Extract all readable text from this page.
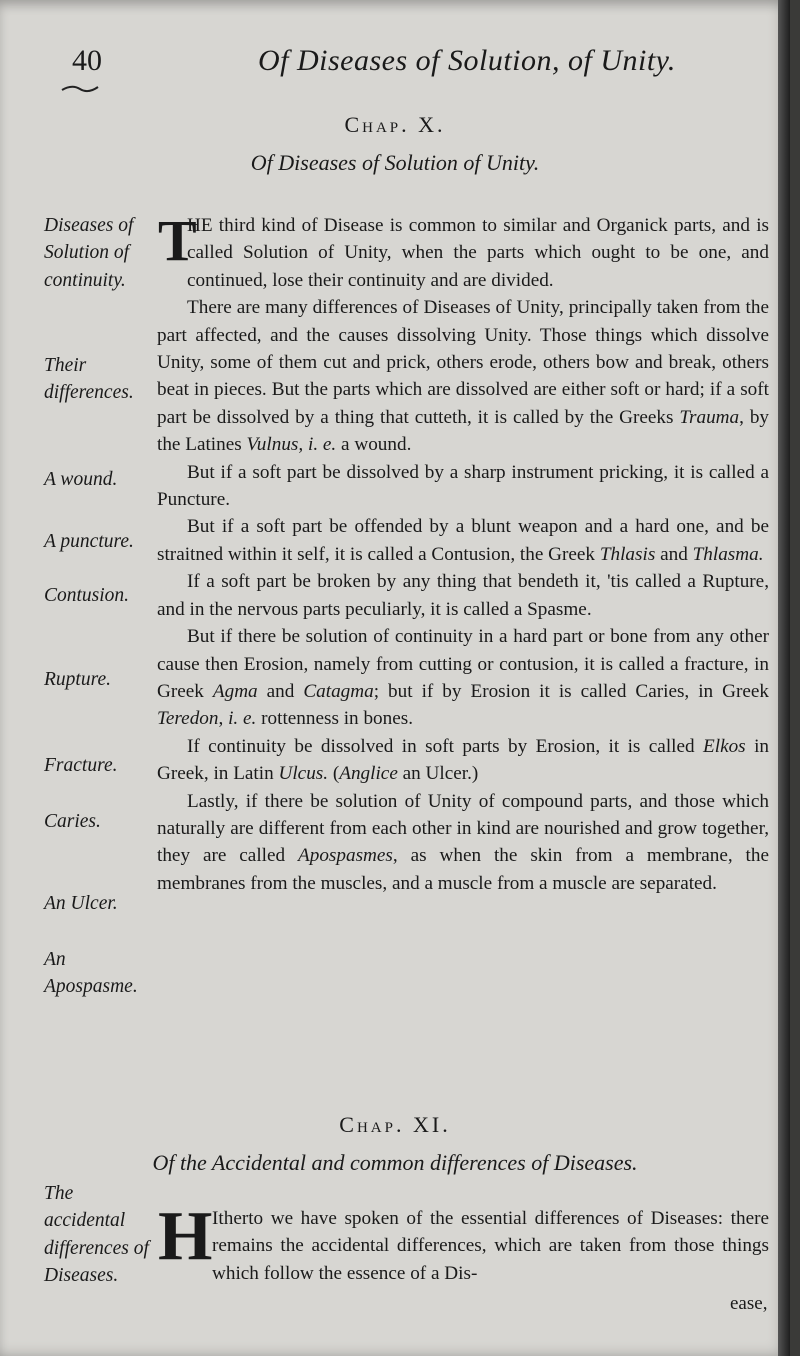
40	Of Diseases of Solution, of Unity.
Chap. X.
Of Diseases of Solution of Unity.
T

HE third kind of Disease is common to similar and Organick parts, and is called Solution of Unity, when the parts which ought to be one, and continued, lose their continuity and are divided.

There are many differences of Diseases of Unity, principally taken from the part affected, and the causes dissolving Unity. Those things which dissolve Unity, some of them cut and prick, others erode, others bow and break, others beat in pieces. But the parts which are dissolved are either soft or hard; if a soft part be dissolved by a thing that cutteth, it is called by the Greeks Trauma, by the Latines Vulnus, i. e. a wound.

But if a soft part be dissolved by a sharp instrument pricking, it is called a Puncture.

But if a soft part be offended by a blunt weapon and a hard one, and be straitned within it self, it is called a Contusion, the Greek Thlasis and Thlasma.

If a soft part be broken by any thing that bendeth it, 'tis called a Rupture, and in the nervous parts peculiarly, it is called a Spasme.

But if there be solution of continuity in a hard part or bone from any other cause then Erosion, namely from cutting or contusion, it is called a fracture, in Greek Agma and Catagma; but if by Erosion it is called Caries, in Greek Teredon, i. e. rottenness in bones.

If continuity be dissolved in soft parts by Erosion, it is called Elkos in Greek, in Latin Ulcus. (Anglice an Ulcer.)

Lastly, if there be solution of Unity of compound parts, and those which naturally are different from each other in kind are nourished and grow together, they are called Apospasmes, as when the skin from a membrane, the membranes from the muscles, and a muscle from a muscle are separated.

Diseases of Solution of continuity.
Their differences.
A wound.
A puncture.
Contusion.
Rupture.
Fracture.
Caries.
An Ulcer.
An Apospasme.
Chap. XI.
Of the Accidental and common differences of Diseases.
The accidental differences of Diseases.
H Itherto we have spoken of the essential differences of Diseases: there remains the accidental differences, which are taken from those things which follow the essence of a Dis-

ease,
